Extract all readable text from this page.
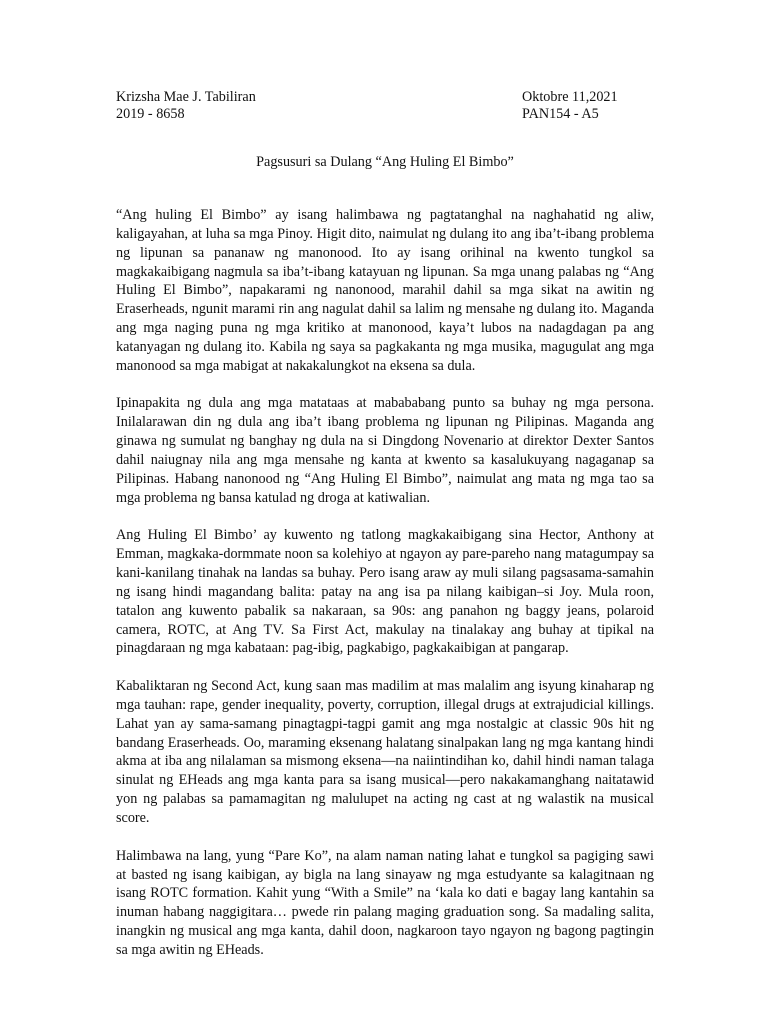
Krizsha Mae J. Tabiliran	Oktobre 11,2021
2019 - 8658	PAN154 - A5
Pagsusuri sa Dulang “Ang Huling El Bimbo”

“Ang huling El Bimbo” ay isang halimbawa ng pagtatanghal na naghahatid ng aliw, kaligayahan, at luha sa mga Pinoy. Higit dito, naimulat ng dulang ito ang iba’t-ibang problema ng lipunan sa pananaw ng manonood. Ito ay isang orihinal na kwento tungkol sa magkakaibigang nagmula sa iba’t-ibang katayuan ng lipunan. Sa mga unang palabas ng “Ang Huling El Bimbo”, napakarami ng nanonood, marahil dahil sa mga sikat na awitin ng Eraserheads, ngunit marami rin ang nagulat dahil sa lalim ng mensahe ng dulang ito. Maganda ang mga naging puna ng mga kritiko at manonood, kaya’t lubos na nadagdagan pa ang katanyagan ng dulang ito. Kabila ng saya sa pagkakanta ng mga musika, magugulat ang mga manonood sa mga mabigat at nakakalungkot na eksena sa dula.

Ipinapakita ng dula ang mga matataas at mabababang punto sa buhay ng mga persona. Inilalarawan din ng dula ang iba’t ibang problema ng lipunan ng Pilipinas. Maganda ang ginawa ng sumulat ng banghay ng dula na si Dingdong Novenario at direktor Dexter Santos dahil naiugnay nila ang mga mensahe ng kanta at kwento sa kasalukuyang nagaganap sa Pilipinas. Habang nanonood ng “Ang Huling El Bimbo”, naimulat ang mata ng mga tao sa mga problema ng bansa katulad ng droga at katiwalian.

Ang Huling El Bimbo’ ay kuwento ng tatlong magkakaibigang sina Hector, Anthony at Emman, magkaka-dormmate noon sa kolehiyo at ngayon ay pare-pareho nang matagumpay sa kani-kanilang tinahak na landas sa buhay. Pero isang araw ay muli silang pagsasama-samahin ng isang hindi magandang balita: patay na ang isa pa nilang kaibigan–si Joy. Mula roon, tatalon ang kuwento pabalik sa nakaraan, sa 90s: ang panahon ng baggy jeans, polaroid camera, ROTC, at Ang TV. Sa First Act, makulay na tinalakay ang buhay at tipikal na pinagdaraan ng mga kabataan: pag-ibig, pagkabigo, pagkakaibigan at pangarap.

Kabaliktaran ng Second Act, kung saan mas madilim at mas malalim ang isyung kinaharap ng mga tauhan: rape, gender inequality, poverty, corruption, illegal drugs at extrajudicial killings. Lahat yan ay sama-samang pinagtagpi-tagpi gamit ang mga nostalgic at classic 90s hit ng bandang Eraserheads. Oo, maraming eksenang halatang sinalpakan lang ng mga kantang hindi akma at iba ang nilalaman sa mismong eksena—na naiintindihan ko, dahil hindi naman talaga sinulat ng EHeads ang mga kanta para sa isang musical—pero nakakamanghang naitatawid yon ng palabas sa pamamagitan ng malulupet na acting ng cast at ng walastik na musical score.

Halimbawa na lang, yung “Pare Ko”, na alam naman nating lahat e tungkol sa pagiging sawi at basted ng isang kaibigan, ay bigla na lang sinayaw ng mga estudyante sa kalagitnaan ng isang ROTC formation. Kahit yung “With a Smile” na ‘kala ko dati e bagay lang kantahin sa inuman habang naggigitara… pwede rin palang maging graduation song. Sa madaling salita, inangkin ng musical ang mga kanta, dahil doon, nagkaroon tayo ngayon ng bagong pagtingin sa mga awitin ng EHeads.
